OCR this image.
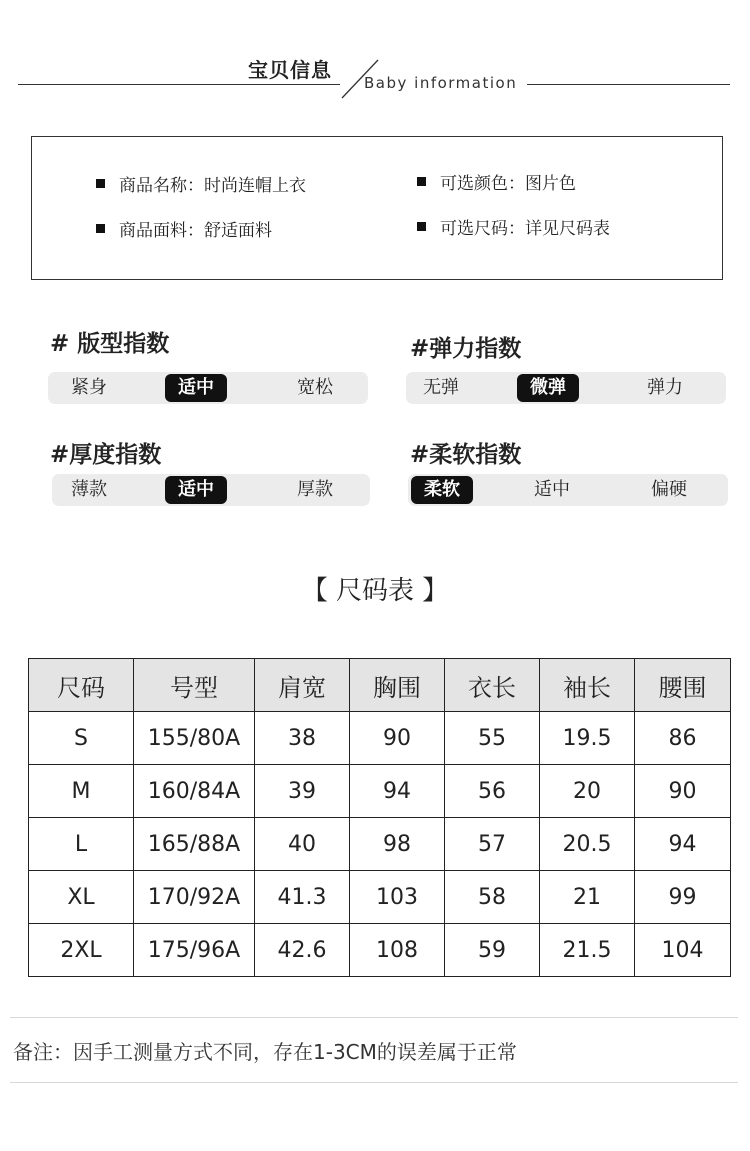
宝贝信息
Baby information
商品名称： 时尚连帽上衣	可选颜色： 图片色
商品面料： 舒适面料	可选尺码： 详见尺码表
# 版型指数
紧身	适中	宽松
#弹力指数
无弹	微弹	弹力
#厚度指数
薄款	适中	厚款
#柔软指数
柔软	适中	偏硬
【 尺码表 】
尺码	号型	肩宽	胸围	衣长	袖长	腰围
S	155/80A	38	90	55	19.5	86
M	160/84A	39	94	56	20	90
L	165/88A	40	98	57	20.5	94
XL	170/92A	41.3	103	58	21	99
2XL	175/96A	42.6	108	59	21.5	104
备注：因手工测量方式不同，存在1-3CM的误差属于正常
